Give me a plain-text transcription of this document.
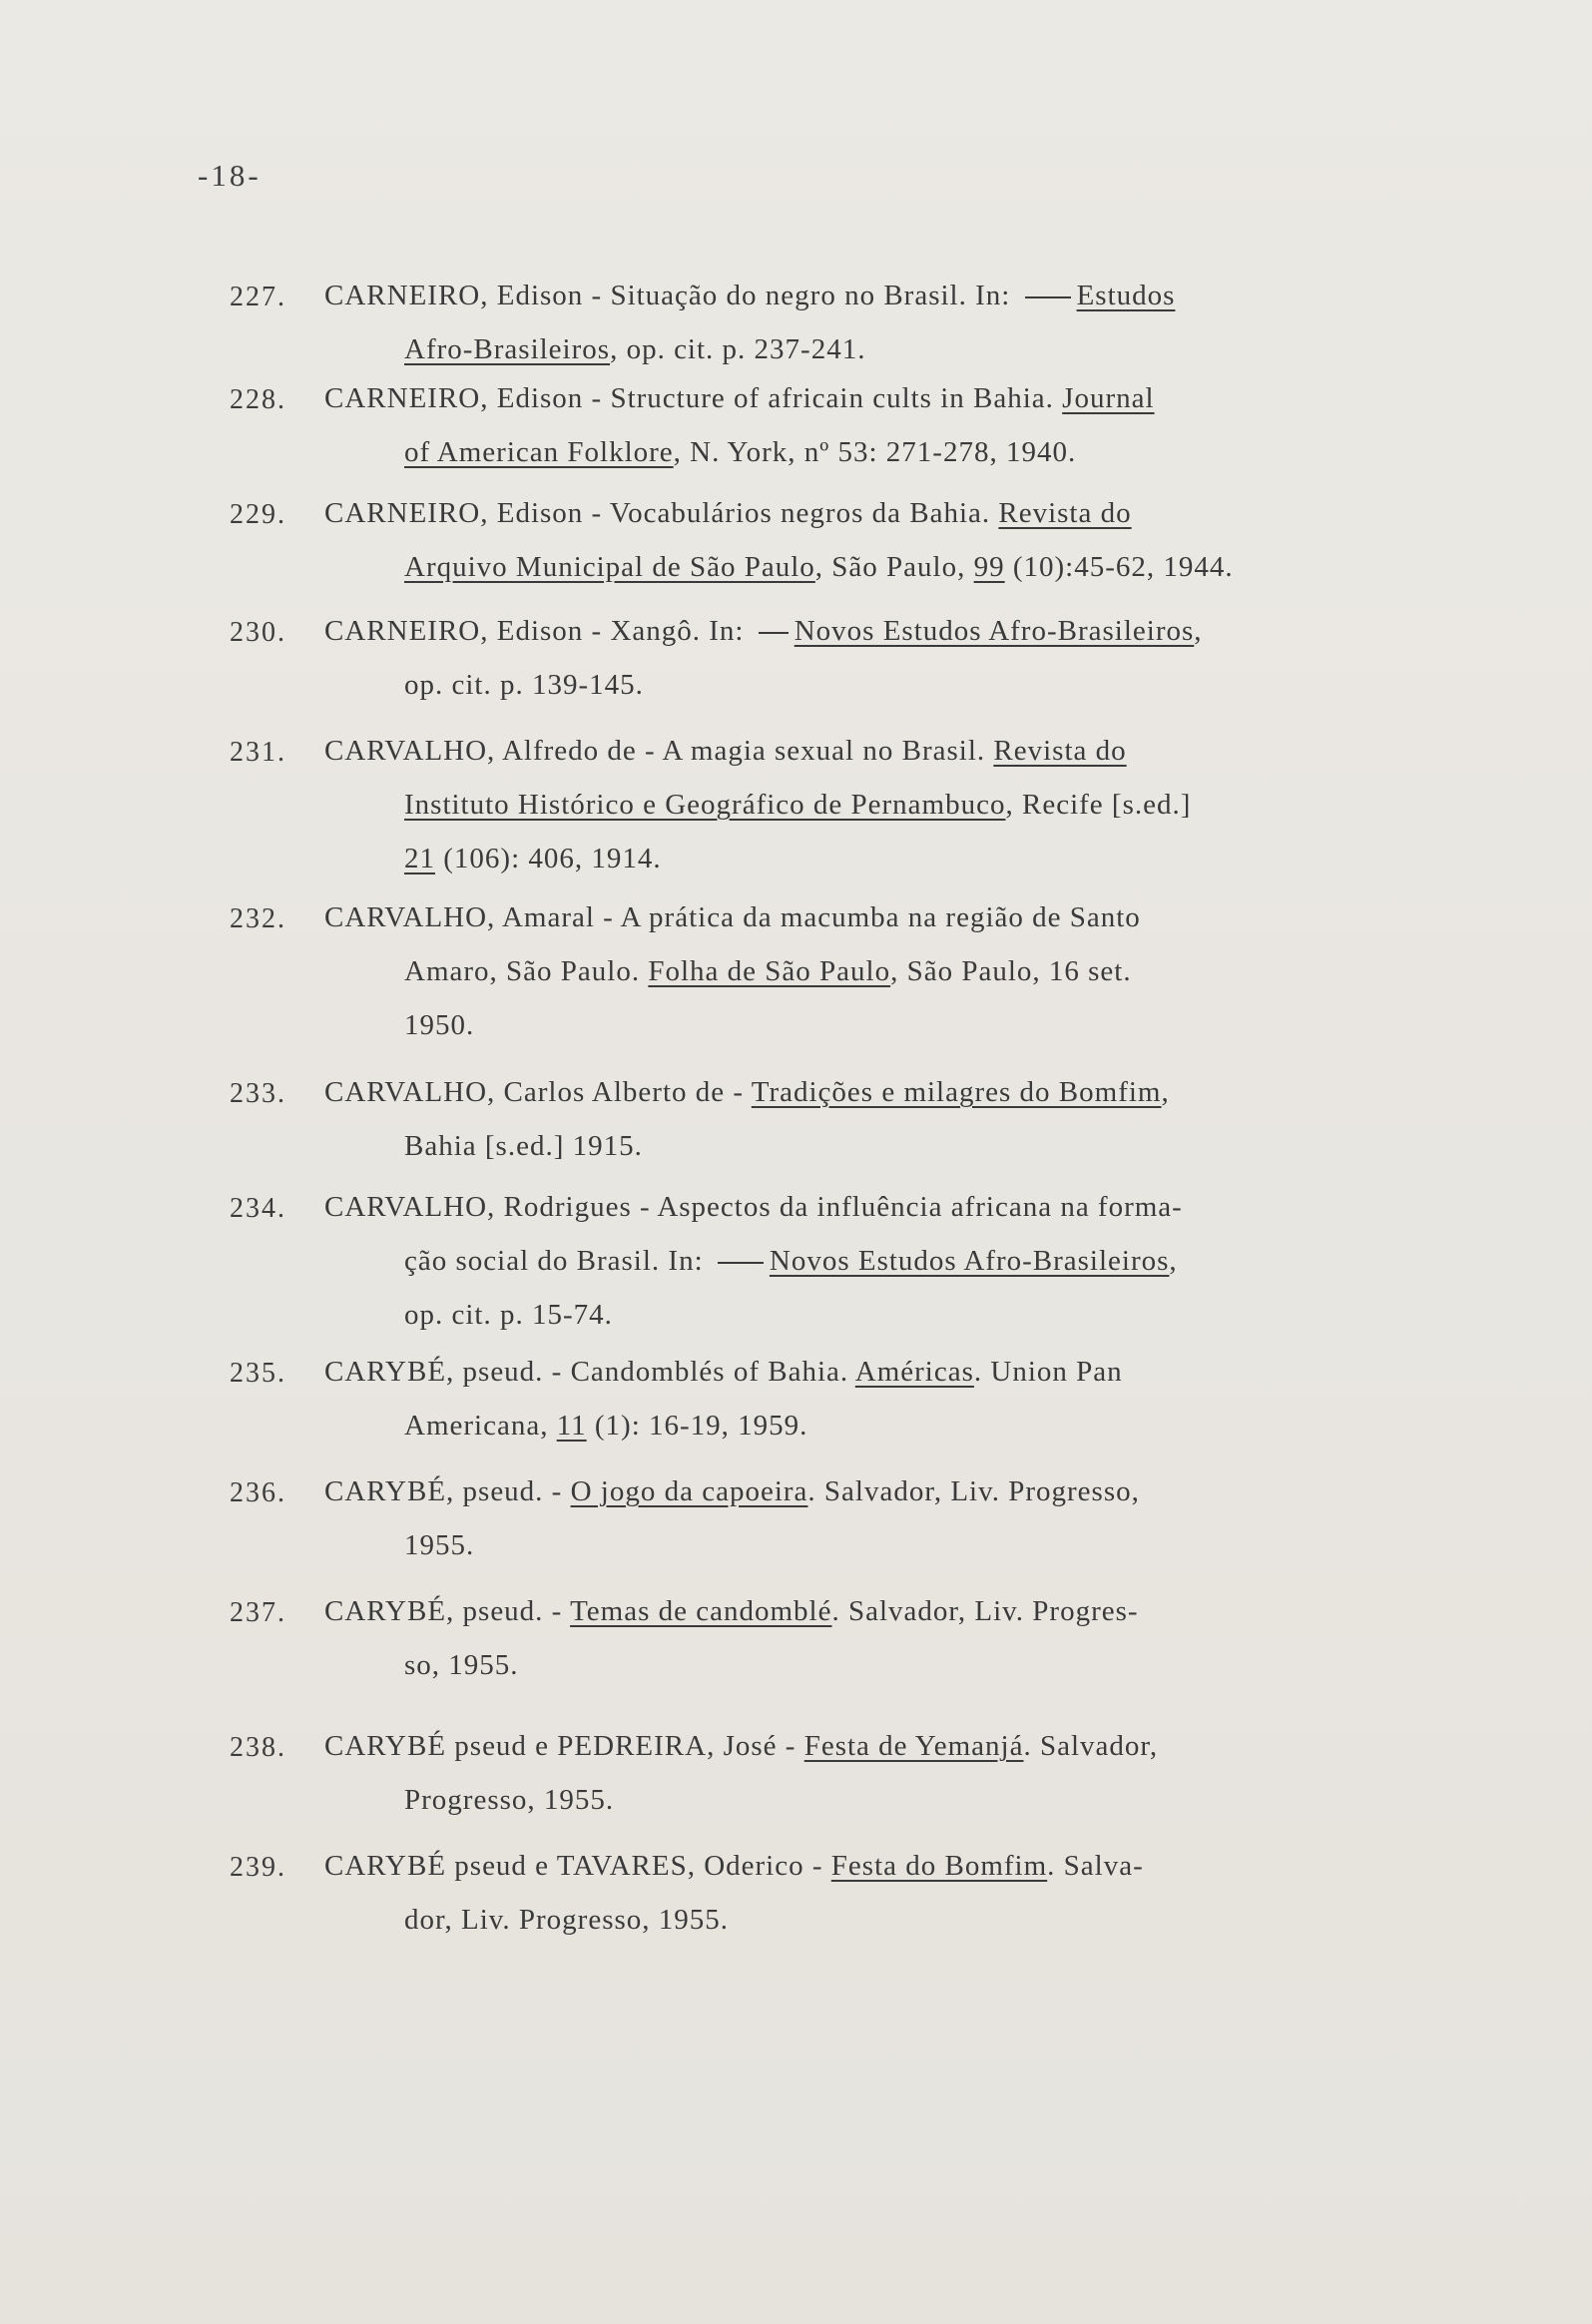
-18-
227. CARNEIRO, Edison - Situação do negro no Brasil. In: Estudos
Afro-Brasileiros, op. cit. p. 237-241.
228. CARNEIRO, Edison - Structure of africain cults in Bahia. Journal
of American Folklore, N. York, nº 53: 271-278, 1940.
229. CARNEIRO, Edison - Vocabulários negros da Bahia. Revista do
Arquivo Municipal de São Paulo, São Paulo, 99 (10):45-62, 1944.
230. CARNEIRO, Edison - Xangô. In: Novos Estudos Afro-Brasileiros,
op. cit. p. 139-145.
231. CARVALHO, Alfredo de - A magia sexual no Brasil. Revista do
Instituto Histórico e Geográfico de Pernambuco, Recife [s.ed.]
21 (106): 406, 1914.
232. CARVALHO, Amaral - A prática da macumba na região de Santo
Amaro, São Paulo. Folha de São Paulo, São Paulo, 16 set.
1950.
233. CARVALHO, Carlos Alberto de - Tradições e milagres do Bomfim,
Bahia [s.ed.] 1915.
234. CARVALHO, Rodrigues - Aspectos da influência africana na forma-
ção social do Brasil. In: Novos Estudos Afro-Brasileiros,
op. cit. p. 15-74.
235. CARYBÉ, pseud. - Candomblés of Bahia. Américas. Union Pan
Americana, 11 (1): 16-19, 1959.
236. CARYBÉ, pseud. - O jogo da capoeira. Salvador, Liv. Progresso,
1955.
237. CARYBÉ, pseud. - Temas de candomblé. Salvador, Liv. Progres-
so, 1955.
238. CARYBÉ pseud e PEDREIRA, José - Festa de Yemanjá. Salvador,
Progresso, 1955.
239. CARYBÉ pseud e TAVARES, Oderico - Festa do Bomfim. Salva-
dor, Liv. Progresso, 1955.
